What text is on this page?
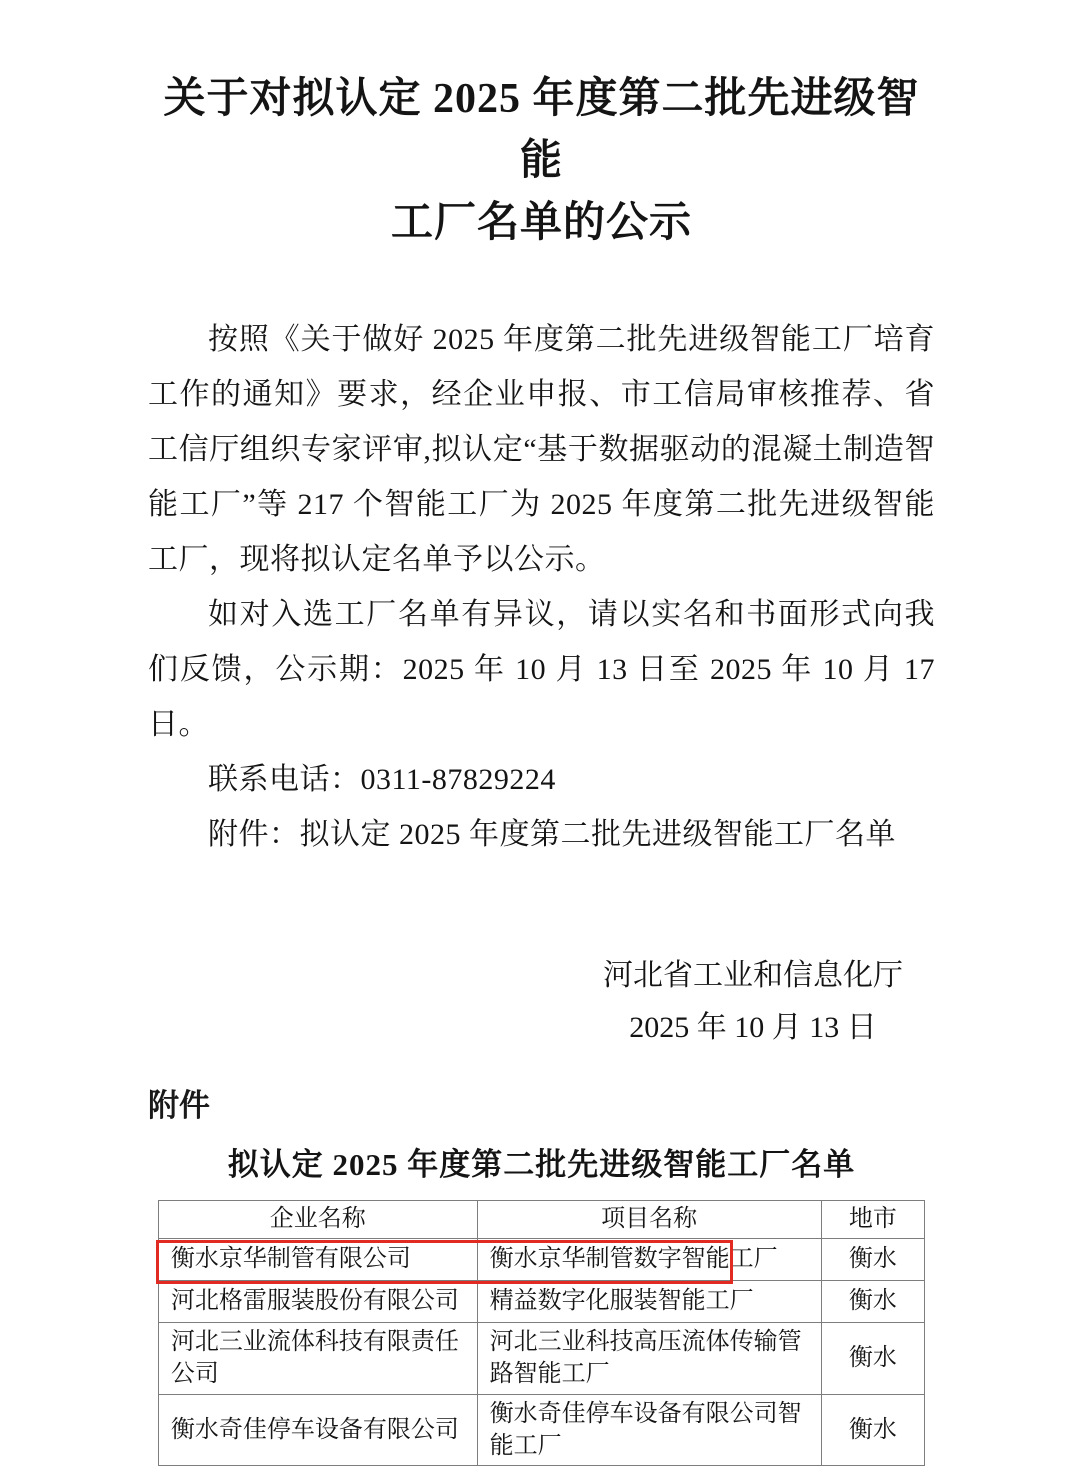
关于对拟认定 2025 年度第二批先进级智能
工厂名单的公示

按照《关于做好 2025 年度第二批先进级智能工厂培育工作的通知》要求，经企业申报、市工信局审核推荐、省工信厅组织专家评审,拟认定“基于数据驱动的混凝土制造智能工厂”等 217 个智能工厂为 2025 年度第二批先进级智能工厂，现将拟认定名单予以公示。

如对入选工厂名单有异议，请以实名和书面形式向我们反馈，公示期：2025 年 10 月 13 日至 2025 年 10 月 17 日。

联系电话：0311-87829224

附件：拟认定 2025 年度第二批先进级智能工厂名单

河北省工业和信息化厅
2025 年 10 月 13 日
附件
拟认定 2025 年度第二批先进级智能工厂名单
企业名称	项目名称	地市
衡水京华制管有限公司	衡水京华制管数字智能工厂	衡水
河北格雷服装股份有限公司	精益数字化服装智能工厂	衡水
河北三业流体科技有限责任公司	河北三业科技高压流体传输管路智能工厂	衡水
衡水奇佳停车设备有限公司	衡水奇佳停车设备有限公司智能工厂	衡水
